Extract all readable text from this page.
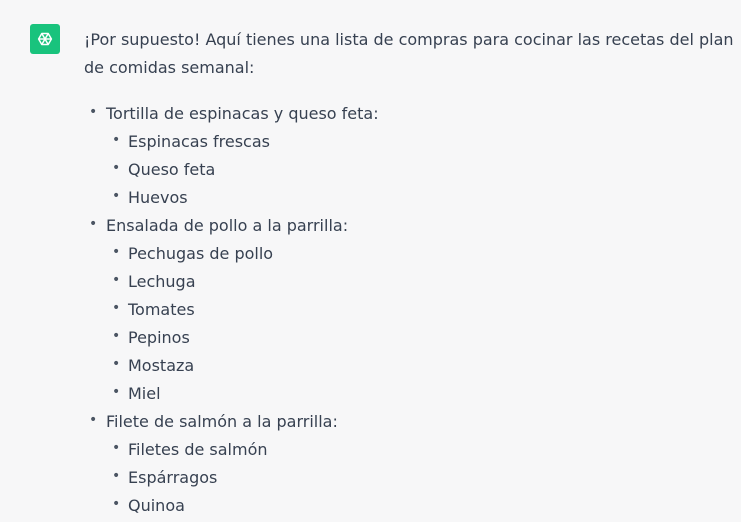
¡Por supuesto! Aquí tienes una lista de compras para cocinar las recetas del plan de comidas semanal:

• Tortilla de espinacas y queso feta:
• Espinacas frescas
• Queso feta
• Huevos
• Ensalada de pollo a la parrilla:
• Pechugas de pollo
• Lechuga
• Tomates
• Pepinos
• Mostaza
• Miel
• Filete de salmón a la parrilla:
• Filetes de salmón
• Espárragos
• Quinoa
